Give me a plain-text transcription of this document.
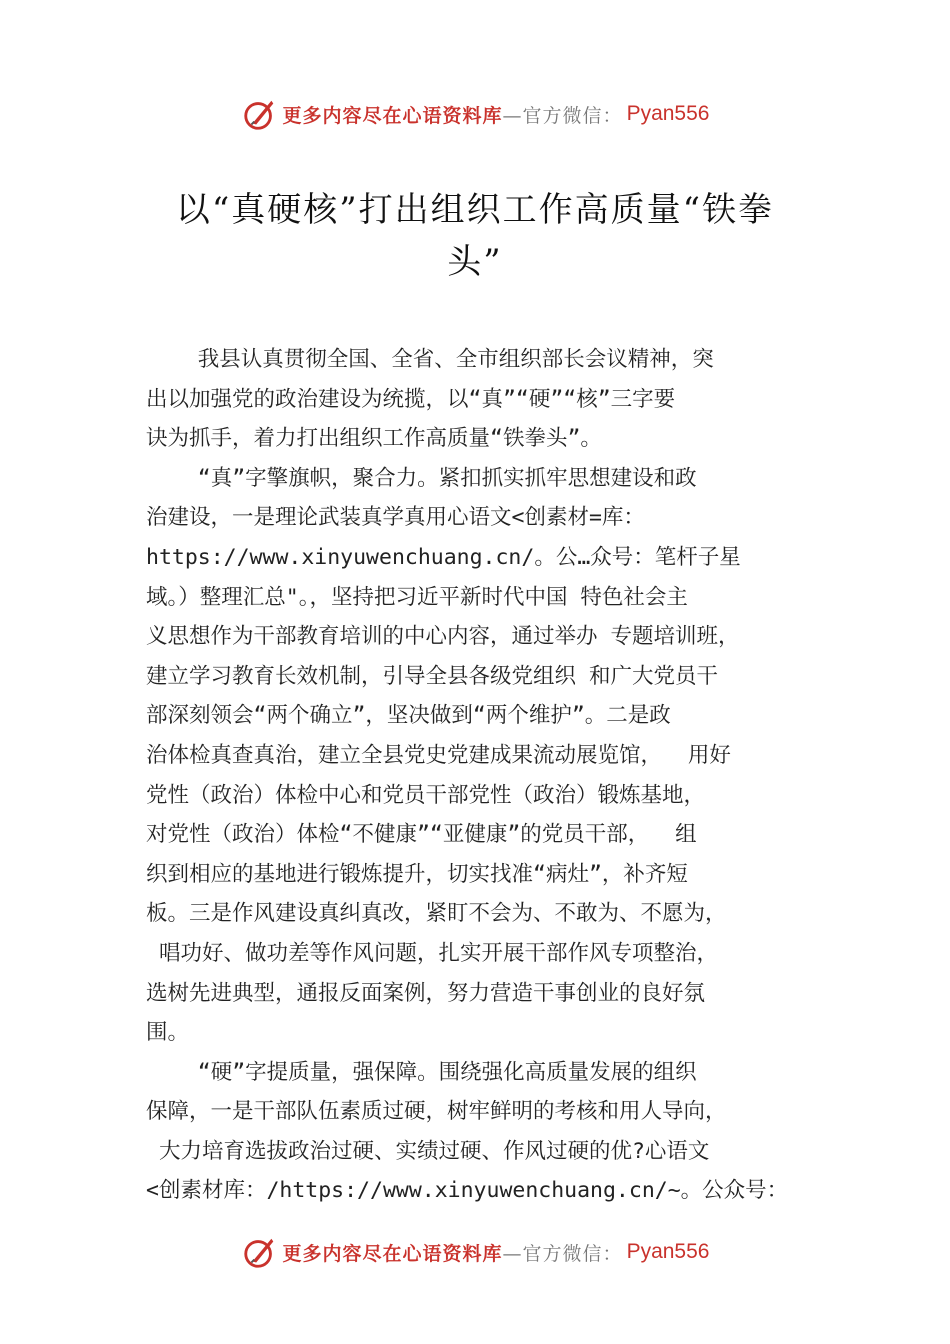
更多内容尽在心语资料库 —官方微信： Pyan556
以“真硬核”打出组织工作高质量“铁拳
头”

我县认真贯彻全国、全省、全市组织部长会议精神，突

出以加强党的政治建设为统揽，以“真”“硬”“核”三字要

诀为抓手，着力打出组织工作高质量“铁拳头”。

“真”字擎旗帜，聚合力。紧扣抓实抓牢思想建设和政

治建设，一是理论武装真学真用心语文<创素材=库：

https://www.xinyuwenchuang.cn/。公…众号：笔杆子星

域。）整理汇总"。，坚持把习近平新时代中国 特色社会主

义思想作为干部教育培训的中心内容，通过举办 专题培训班，

建立学习教育长效机制，引导全县各级党组织 和广大党员干

部深刻领会“两个确立”，坚决做到“两个维护”。二是政

治体检真查真治，建立全县党史党建成果流动展览馆，  用好

党性（政治）体检中心和党员干部党性（政治）锻炼基地，

对党性（政治）体检“不健康”“亚健康”的党员干部，  组

织到相应的基地进行锻炼提升，切实找准“病灶”，补齐短

板。三是作风建设真纠真改，紧盯不会为、不敢为、不愿为，

唱功好、做功差等作风问题，扎实开展干部作风专项整治，

选树先进典型，通报反面案例，努力营造干事创业的良好氛

围。

“硬”字提质量，强保障。围绕强化高质量发展的组织

保障，一是干部队伍素质过硬，树牢鲜明的考核和用人导向，

大力培育选拔政治过硬、实绩过硬、作风过硬的优?心语文

<创素材库：/https://www.xinyuwenchuang.cn/~。公众号：

更多内容尽在心语资料库 —官方微信： Pyan556
